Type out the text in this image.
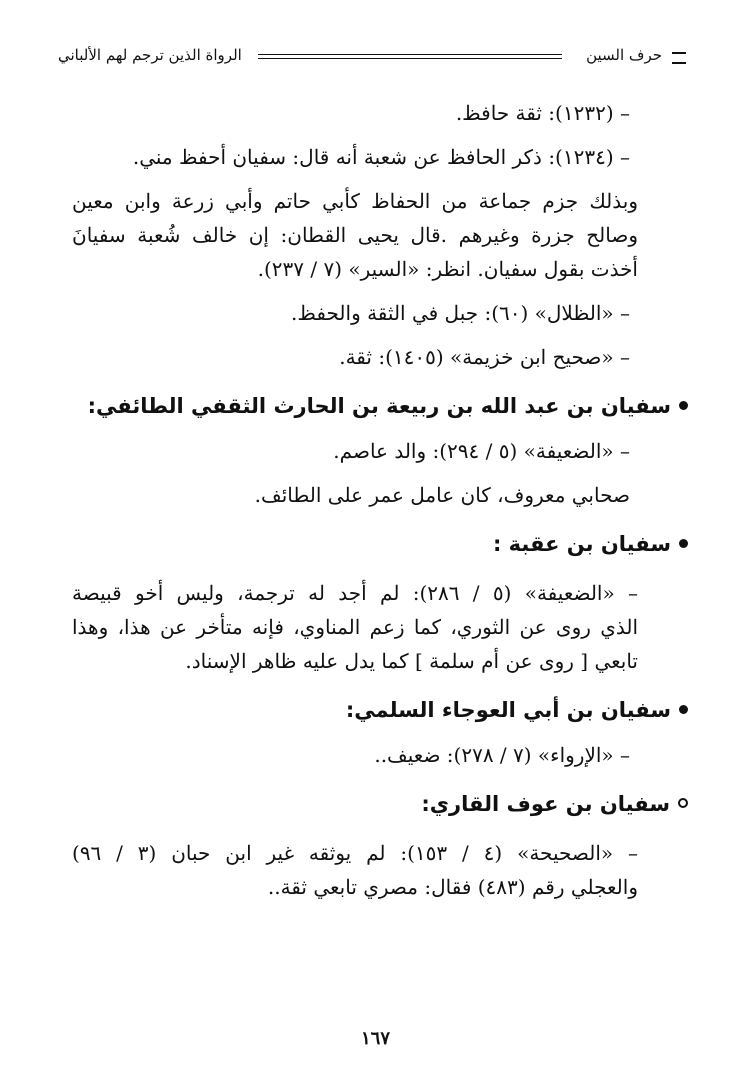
حرف السين
الرواة الذين ترجم لهم الألباني
– (١٢٣٢): ثقة حافظ.
– (١٢٣٤): ذكر الحافظ عن شعبة أنه قال: سفيان أحفظ مني.
وبذلك جزم جماعة من الحفاظ كأبي حاتم وأبي زرعة وابن معين
وصالح جزرة وغيرهم .قال يحيى القطان: إن خالف شُعبة سفيانَ
أخذت بقول سفيان. انظر: «السير» (٧ / ٢٣٧).
– «الظلال» (٦٠): جبل في الثقة والحفظ.
– «صحيح ابن خزيمة» (١٤٠٥): ثقة.
سفيان بن عبد الله بن ربيعة بن الحارث الثقفي الطائفي:
– «الضعيفة» (٥ / ٢٩٤): والد عاصم.
صحابي معروف، كان عامل عمر على الطائف.
سفيان بن عقبة :
– «الضعيفة» (٥ / ٢٨٦): لم أجد له ترجمة، وليس أخو قبيصة
الذي روى عن الثوري، كما زعم المناوي، فإنه متأخر عن هذا، وهذا
تابعي [ روى عن أم سلمة ] كما يدل عليه ظاهر الإسناد.
سفيان بن أبي العوجاء السلمي:
– «الإرواء» (٧ / ٢٧٨): ضعيف..
سفيان بن عوف القاري:
– «الصحيحة» (٤ / ١٥٣): لم يوثقه غير ابن حبان (٣ / ٩٦)
والعجلي رقم (٤٨٣) فقال: مصري تابعي ثقة..
١٦٧
